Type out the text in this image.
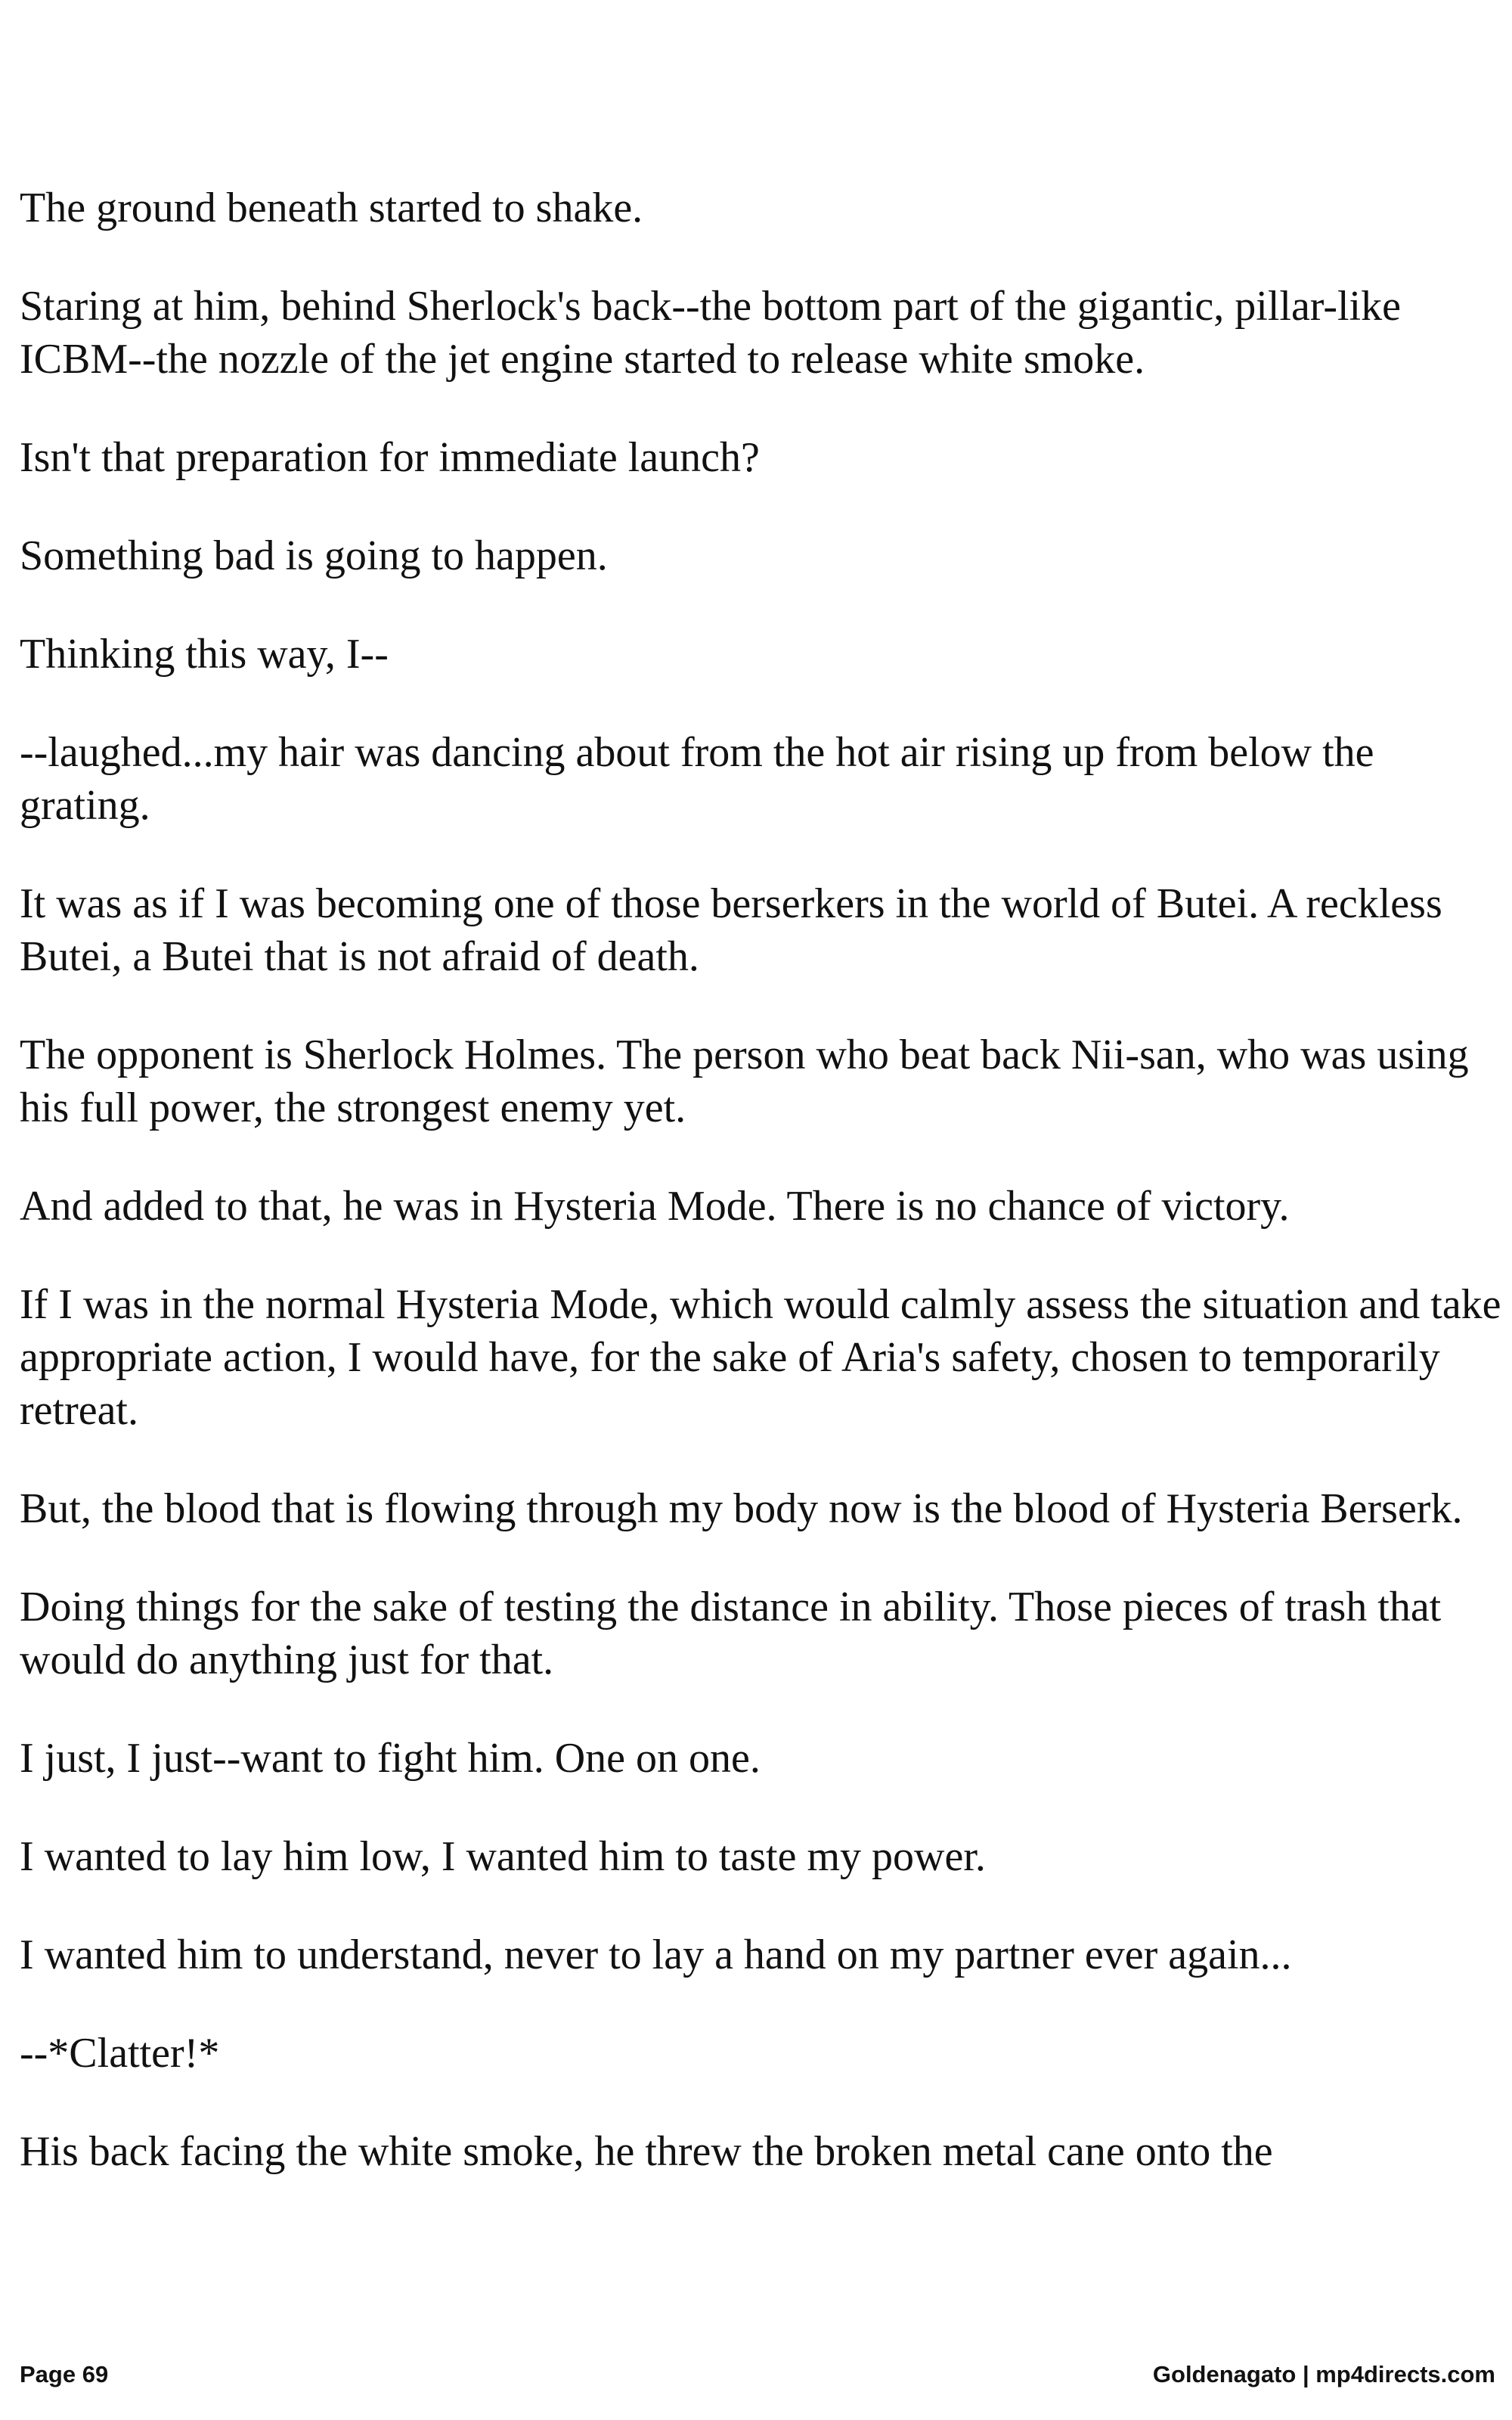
The ground beneath started to shake.

Staring at him, behind Sherlock's back--the bottom part of the gigantic, pillar-like ICBM--the nozzle of the jet engine started to release white smoke.

Isn't that preparation for immediate launch?

Something bad is going to happen.

Thinking this way, I--

--laughed...my hair was dancing about from the hot air rising up from below the grating.

It was as if I was becoming one of those berserkers in the world of Butei. A reckless Butei, a Butei that is not afraid of death.

The opponent is Sherlock Holmes. The person who beat back Nii-san, who was using his full power, the strongest enemy yet.

And added to that, he was in Hysteria Mode. There is no chance of victory.

If I was in the normal Hysteria Mode, which would calmly assess the situation and take appropriate action, I would have, for the sake of Aria's safety, chosen to temporarily retreat.

But, the blood that is flowing through my body now is the blood of Hysteria Berserk.

Doing things for the sake of testing the distance in ability. Those pieces of trash that would do anything just for that.

I just, I just--want to fight him. One on one.

I wanted to lay him low, I wanted him to taste my power.

I wanted him to understand, never to lay a hand on my partner ever again...

--*Clatter!*

His back facing the white smoke, he threw the broken metal cane onto the

Page 69	Goldenagato | mp4directs.com
